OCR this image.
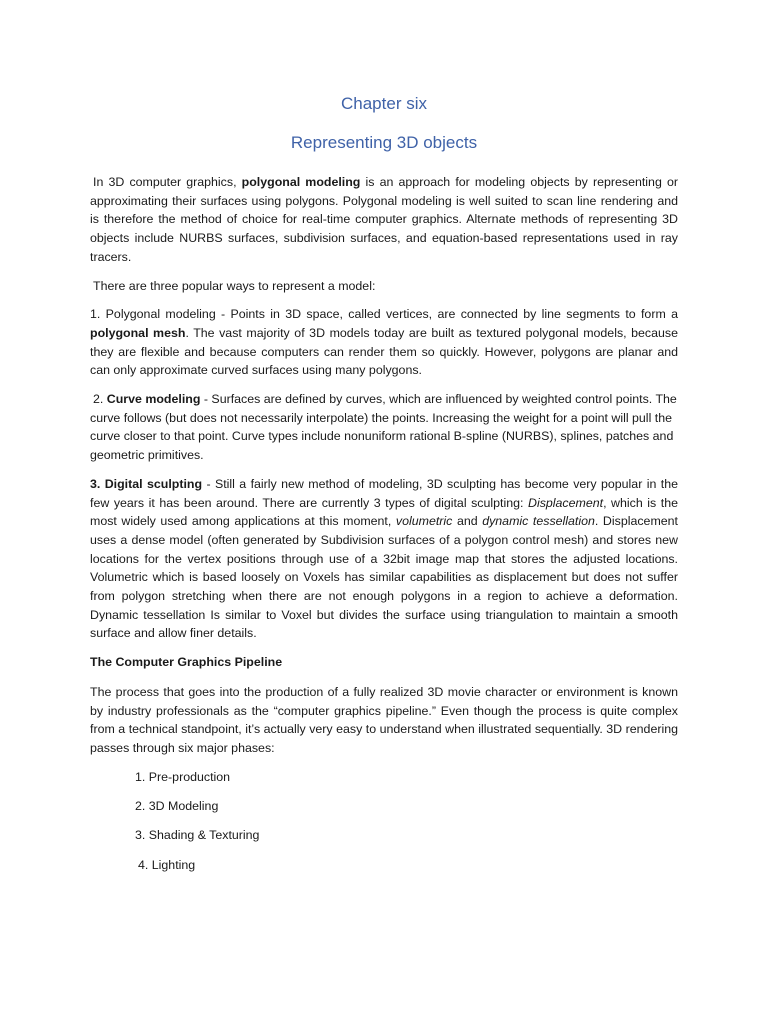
Chapter six
Representing 3D objects

In 3D computer graphics, polygonal modeling is an approach for modeling objects by representing or approximating their surfaces using polygons. Polygonal modeling is well suited to scan line rendering and is therefore the method of choice for real-time computer graphics. Alternate methods of representing 3D objects include NURBS surfaces, subdivision surfaces, and equation-based representations used in ray tracers.

There are three popular ways to represent a model:

1. Polygonal modeling - Points in 3D space, called vertices, are connected by line segments to form a polygonal mesh. The vast majority of 3D models today are built as textured polygonal models, because they are flexible and because computers can render them so quickly. However, polygons are planar and can only approximate curved surfaces using many polygons.

2. Curve modeling - Surfaces are defined by curves, which are influenced by weighted control points. The curve follows (but does not necessarily interpolate) the points. Increasing the weight for a point will pull the curve closer to that point. Curve types include nonuniform rational B-spline (NURBS), splines, patches and geometric primitives.

3. Digital sculpting - Still a fairly new method of modeling, 3D sculpting has become very popular in the few years it has been around. There are currently 3 types of digital sculpting: Displacement, which is the most widely used among applications at this moment, volumetric and dynamic tessellation. Displacement uses a dense model (often generated by Subdivision surfaces of a polygon control mesh) and stores new locations for the vertex positions through use of a 32bit image map that stores the adjusted locations. Volumetric which is based loosely on Voxels has similar capabilities as displacement but does not suffer from polygon stretching when there are not enough polygons in a region to achieve a deformation. Dynamic tessellation Is similar to Voxel but divides the surface using triangulation to maintain a smooth surface and allow finer details.

The Computer Graphics Pipeline

The process that goes into the production of a fully realized 3D movie character or environment is known by industry professionals as the “computer graphics pipeline.” Even though the process is quite complex from a technical standpoint, it’s actually very easy to understand when illustrated sequentially. 3D rendering passes through six major phases:

1. Pre-production
2. 3D Modeling
3. Shading & Texturing
4. Lighting
